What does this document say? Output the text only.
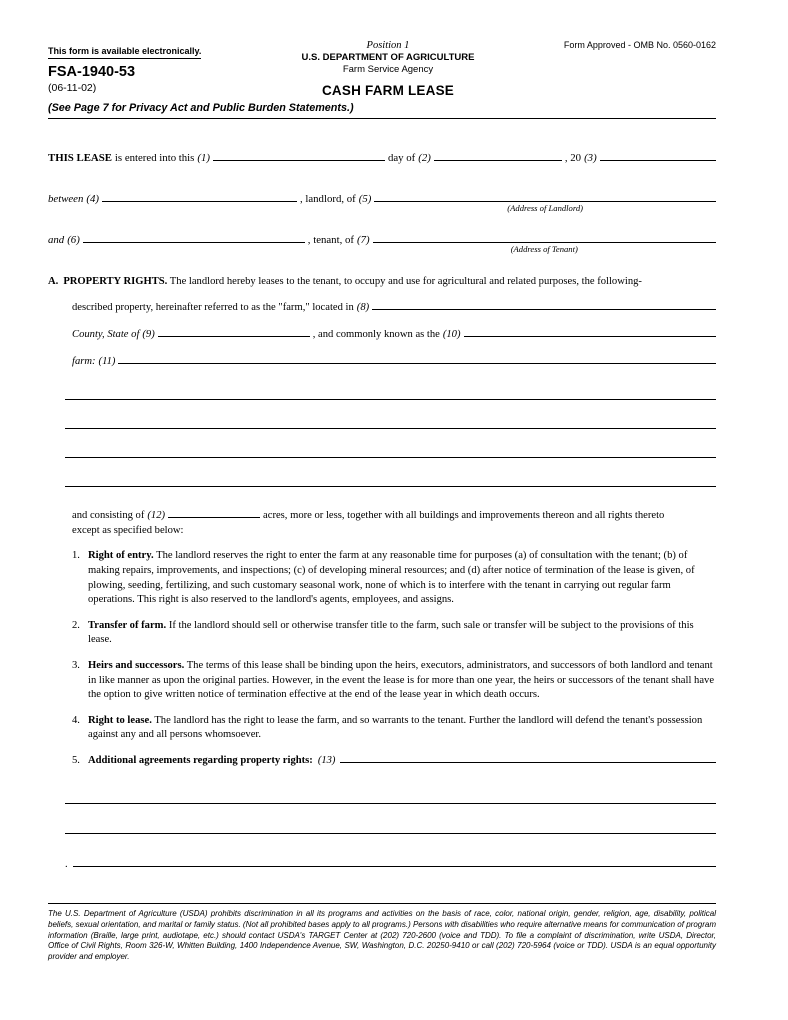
This form is available electronically.
FSA-1940-53
(06-11-02)
Position 1
U.S. DEPARTMENT OF AGRICULTURE
Farm Service Agency
CASH FARM LEASE
Form Approved - OMB No. 0560-0162
(See Page 7 for Privacy Act and Public Burden Statements.)
THIS LEASE is entered into this (1)	day of (2)	, 20 (3)
between (4)	, landlord, of (5)
(Address of Landlord)
and (6)	, tenant, of (7)
(Address of Tenant)
A. PROPERTY RIGHTS. The landlord hereby leases to the tenant, to occupy and use for agricultural and related purposes, the following-
described property, hereinafter referred to as the "farm," located in (8)
County, State of (9)	, and commonly known as the (10)
farm: (11)
and consisting of (12)	acres, more or less, together with all buildings and improvements thereon and all rights thereto
except as specified below:
1. Right of entry. The landlord reserves the right to enter the farm at any reasonable time for purposes (a) of consultation with the tenant; (b) of making repairs, improvements, and inspections; (c) of developing mineral resources; and (d) after notice of termination of the lease is given, of plowing, seeding, fertilizing, and such customary seasonal work, none of which is to interfere with the tenant in carrying out regular farm operations. This right is also reserved to the landlord's agents, employees, and assigns.
2. Transfer of farm. If the landlord should sell or otherwise transfer title to the farm, such sale or transfer will be subject to the provisions of this lease.
3. Heirs and successors. The terms of this lease shall be binding upon the heirs, executors, administrators, and successors of both landlord and tenant in like manner as upon the original parties. However, in the event the lease is for more than one year, the heirs or successors of the tenant shall have the option to give written notice of termination effective at the end of the lease year in which death occurs.
4. Right to lease. The landlord has the right to lease the farm, and so warrants to the tenant. Further the landlord will defend the tenant's possession against any and all persons whomsoever.
5. Additional agreements regarding property rights: (13)
.
The U.S. Department of Agriculture (USDA) prohibits discrimination in all its programs and activities on the basis of race, color, national origin, gender, religion, age, disability, political beliefs, sexual orientation, and marital or family status. (Not all prohibited bases apply to all programs.) Persons with disabilities who require alternative means for communication of program information (Braille, large print, audiotape, etc.) should contact USDA's TARGET Center at (202) 720-2600 (voice and TDD). To file a complaint of discrimination, write USDA, Director, Office of Civil Rights, Room 326-W, Whitten Building, 1400 Independence Avenue, SW, Washington, D.C. 20250-9410 or call (202) 720-5964 (voice or TDD). USDA is an equal opportunity provider and employer.
